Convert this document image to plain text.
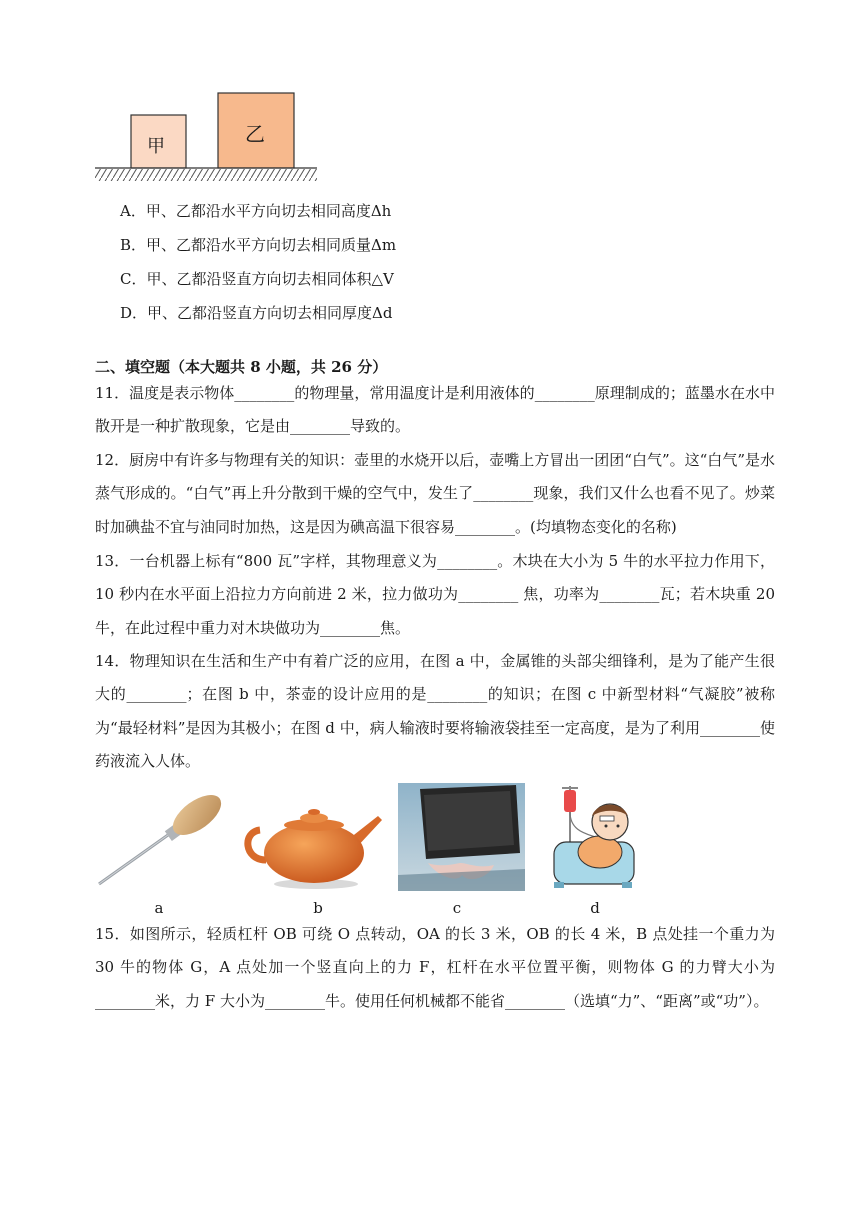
甲
乙
A．甲、乙都沿水平方向切去相同高度Δh
B．甲、乙都沿水平方向切去相同质量Δm
C．甲、乙都沿竖直方向切去相同体积△V
D．甲、乙都沿竖直方向切去相同厚度Δd
二、填空题（本大题共 8 小题，共 26 分）
11．温度是表示物体________的物理量，常用温度计是利用液体的________原理制成的；蓝墨水在水中散开是一种扩散现象，它是由________导致的。
12．厨房中有许多与物理有关的知识：壶里的水烧开以后，壶嘴上方冒出一团团“白气”。这“白气”是水蒸气形成的。“白气”再上升分散到干燥的空气中，发生了________现象，我们又什么也看不见了。炒菜时加碘盐不宜与油同时加热，这是因为碘高温下很容易________。(均填物态变化的名称)
13．一台机器上标有“800 瓦”字样，其物理意义为________。木块在大小为 5 牛的水平拉力作用下，10 秒内在水平面上沿拉力方向前进 2 米，拉力做功为________ 焦，功率为________瓦；若木块重 20 牛，在此过程中重力对木块做功为________焦。
14．物理知识在生活和生产中有着广泛的应用，在图 a 中，金属锥的头部尖细锋利，是为了能产生很大的________；在图 b 中，茶壶的设计应用的是________的知识；在图 c 中新型材料“气凝胶”被称为“最轻材料”是因为其极小；在图 d 中，病人输液时要将输液袋挂至一定高度，是为了利用________使药液流入人体。
a	b	c	d
15．如图所示，轻质杠杆 OB 可绕 O 点转动，OA 的长 3 米，OB 的长 4 米，B 点处挂一个重力为 30 牛的物体 G，A 点处加一个竖直向上的力 F，杠杆在水平位置平衡，则物体 G 的力臂大小为________米，力 F 大小为________牛。使用任何机械都不能省________（选填“力”、“距离”或“功”）。
